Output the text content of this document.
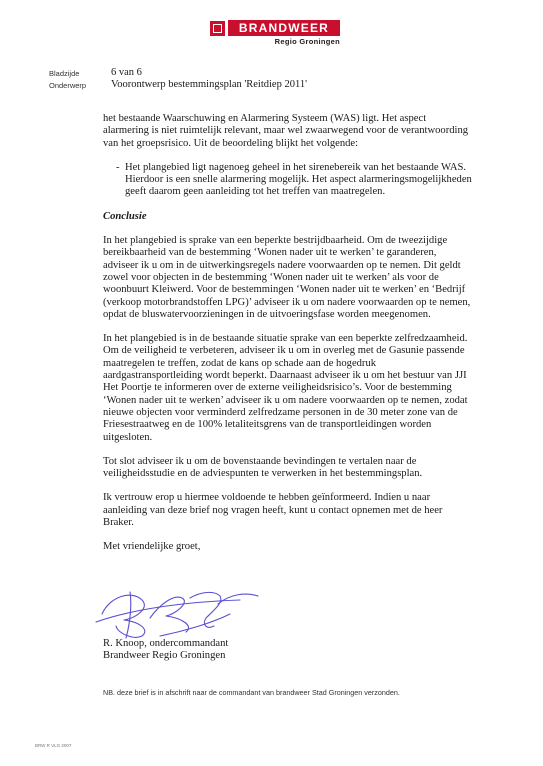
BRANDWEER
Regio Groningen
Bladzijde
Onderwerp
6 van 6
Voorontwerp bestemmingsplan 'Reitdiep 2011'

het bestaande Waarschuwing en Alarmering Systeem (WAS) ligt. Het aspect alarmering is niet ruimtelijk relevant, maar wel zwaarwegend voor de verantwoording van het groepsrisico. Uit de beoordeling blijkt het volgende:

- Het plangebied ligt nagenoeg geheel in het sirenebereik van het bestaande WAS. Hierdoor is een snelle alarmering mogelijk. Het aspect alarmeringsmogelijkheden geeft daarom geen aanleiding tot het treffen van maatregelen.

Conclusie

In het plangebied is sprake van een beperkte bestrijdbaarheid. Om de tweezijdige bereikbaarheid van de bestemming ‘Wonen nader uit te werken’ te garanderen, adviseer ik u om in de uitwerkingsregels nadere voorwaarden op te nemen. Dit geldt zowel voor objecten in de bestemming ‘Wonen nader uit te werken’ als voor de woonbuurt Kleiwerd. Voor de bestemmingen ‘Wonen nader uit te werken’ en ‘Bedrijf (verkoop motorbrandstoffen LPG)’ adviseer ik u om nadere voorwaarden op te nemen, opdat de bluswatervoorzieningen in de uitvoeringsfase worden meegenomen.

In het plangebied is in de bestaande situatie sprake van een beperkte zelfredzaamheid. Om de veiligheid te verbeteren, adviseer ik u om in overleg met de Gasunie passende maatregelen te treffen, zodat de kans op schade aan de hogedruk aardgastransportleiding wordt beperkt. Daarnaast adviseer ik u om het bestuur van JJI Het Poortje te informeren over de externe veiligheidsrisico’s. Voor de bestemming ‘Wonen nader uit te werken’ adviseer ik u om nadere voorwaarden op te nemen, zodat nieuwe objecten voor verminderd zelfredzame personen in de 30 meter zone van de Friesestraatweg en de 100% letaliteitsgrens van de transportleidingen worden uitgesloten.

Tot slot adviseer ik u om de bovenstaande bevindingen te vertalen naar de veiligheidsstudie en de adviespunten te verwerken in het bestemmingsplan.

Ik vertrouw erop u hiermee voldoende te hebben geïnformeerd. Indien u naar aanleiding van deze brief nog vragen heeft, kunt u contact opnemen met de heer Braker.

Met vriendelijke groet,

R. Knoop, ondercommandant
Brandweer Regio Groningen
NB. deze brief is in afschrift naar de commandant van brandweer Stad Groningen verzonden.
BRW R VLG 2007
